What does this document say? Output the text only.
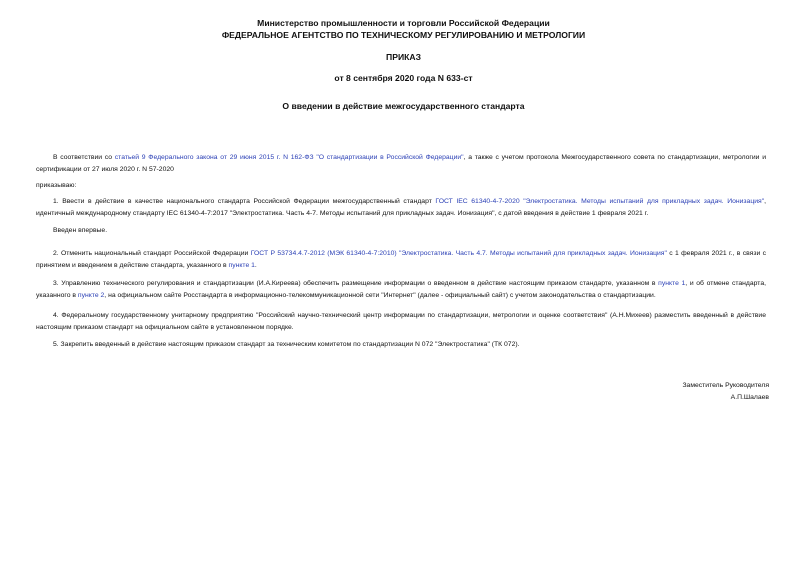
Министерство промышленности и торговли Российской Федерации
ФЕДЕРАЛЬНОЕ АГЕНТСТВО ПО ТЕХНИЧЕСКОМУ РЕГУЛИРОВАНИЮ И МЕТРОЛОГИИ
ПРИКАЗ
от 8 сентября 2020 года N 633-ст
О введении в действие межгосударственного стандарта
В соответствии со статьей 9 Федерального закона от 29 июня 2015 г. N 162-ФЗ "О стандартизации в Российской Федерации", а также с учетом протокола Межгосударственного совета по стандартизации, метрологии и сертификации от 27 июля 2020 г. N 57-2020
приказываю:
1. Ввести в действие в качестве национального стандарта Российской Федерации межгосударственный стандарт ГОСТ IEC 61340-4-7-2020 "Электростатика. Методы испытаний для прикладных задач. Ионизация", идентичный международному стандарту IEC 61340-4-7:2017 "Электростатика. Часть 4-7. Методы испытаний для прикладных задач. Ионизация", с датой введения в действие 1 февраля 2021 г.
Введен впервые.
2. Отменить национальный стандарт Российской Федерации ГОСТ Р 53734.4.7-2012 (МЭК 61340-4-7:2010) "Электростатика. Часть 4.7. Методы испытаний для прикладных задач. Ионизация" с 1 февраля 2021 г., в связи с принятием и введением в действие стандарта, указанного в пункте 1.
3. Управлению технического регулирования и стандартизации (И.А.Киреева) обеспечить размещение информации о введенном в действие настоящим приказом стандарте, указанном в пункте 1, и об отмене стандарта, указанного в пункте 2, на официальном сайте Росстандарта в информационно-телекоммуникационной сети "Интернет" (далее - официальный сайт) с учетом законодательства о стандартизации.
4. Федеральному государственному унитарному предприятию "Российский научно-технический центр информации по стандартизации, метрологии и оценке соответствия" (А.Н.Михеев) разместить введенный в действие настоящим приказом стандарт на официальном сайте в установленном порядке.
5. Закрепить введенный в действие настоящим приказом стандарт за техническим комитетом по стандартизации N 072 "Электростатика" (ТК 072).
Заместитель Руководителя
А.П.Шалаев
